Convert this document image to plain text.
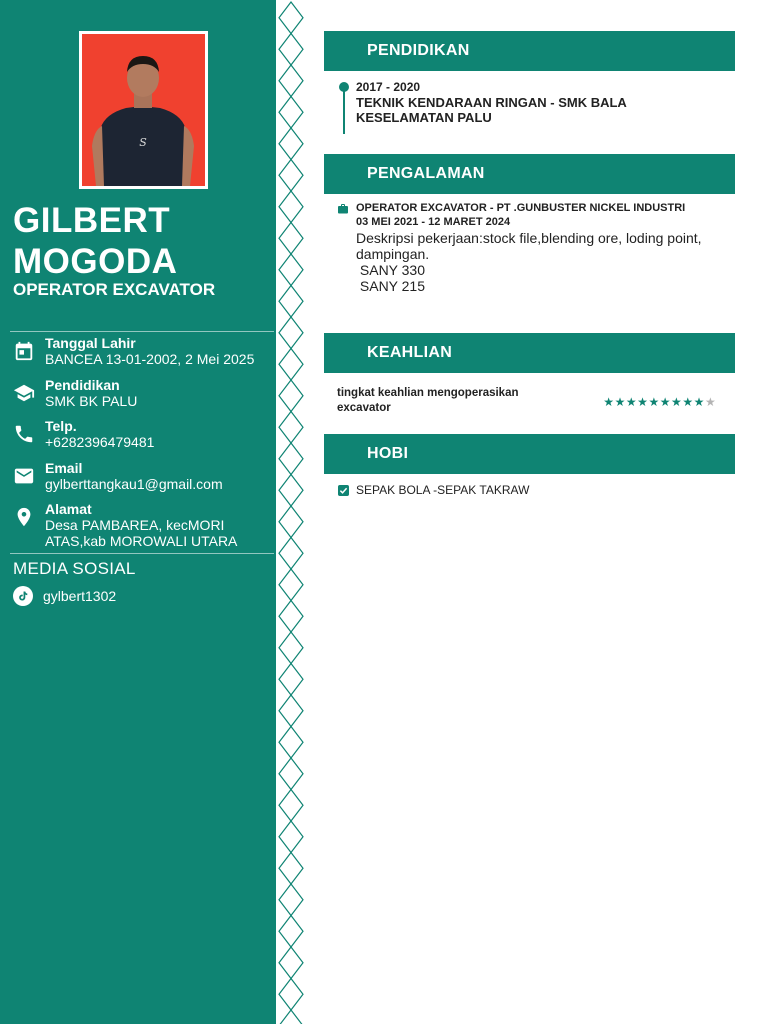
S
GILBERT MOGODA
OPERATOR EXCAVATOR
Tanggal Lahir
BANCEA 13-01-2002, 2 Mei 2025
Pendidikan
SMK BK PALU
Telp.
+6282396479481
Email
gylberttangkau1@gmail.com
Alamat
Desa PAMBAREA, kecMORI ATAS,kab MOROWALI UTARA
MEDIA SOSIAL
gylbert1302
PENDIDIKAN
2017 - 2020
TEKNIK KENDARAAN RINGAN - SMK BALA KESELAMATAN PALU
PENGALAMAN
OPERATOR EXCAVATOR - PT .GUNBUSTER NICKEL INDUSTRI
03 MEI 2021 - 12 MARET 2024
Deskripsi pekerjaan:stock file,blending ore, loding point, dampingan.
SANY 330
SANY 215
KEAHLIAN
tingkat keahlian mengoperasikan excavator	★ ★ ★ ★ ★ ★ ★ ★ ★ ★
HOBI
SEPAK BOLA -SEPAK TAKRAW
